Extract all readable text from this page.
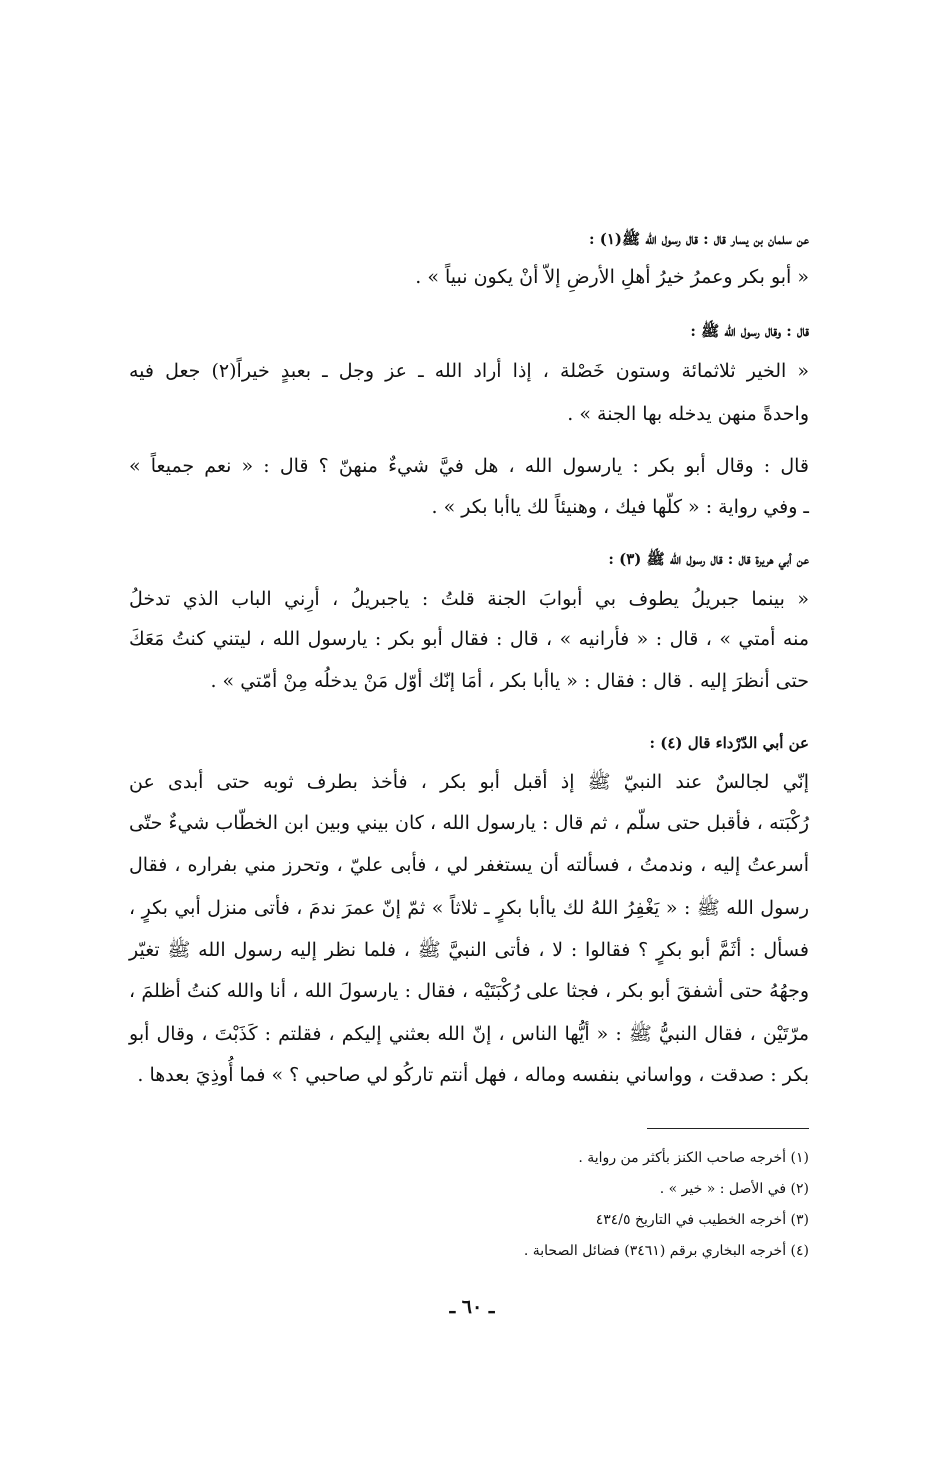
عن سلمان بن يسار قال : قال رسول الله ﷺ(١) :
« أبو بكر وعمرُ خيرُ أهلِ الأرضِ إلاّ أنْ يكون نبياً » .
قال : وقال رسول الله ﷺ :
« الخير ثلاثمائة وستون خَصْلة ، إذا أراد الله ـ عز وجل ـ بعبدٍ خيراً(٢) جعل فيه
واحدةً منهن يدخله بها الجنة » .
قال : وقال أبو بكر : يارسول الله ، هل فيَّ شيءٌ منهنّ ؟ قال : « نعم جميعاً »
ـ وفي رواية : « كلّها فيك ، وهنيئاً لك ياأبا بكر » .
عن أبي هريرة قال : قال رسول الله ﷺ (٣) :
« بينما جبريلُ يطوف بي أبوابَ الجنة قلتُ : ياجبريلُ ، أرِني الباب الذي تدخلُ
منه أمتي » ، قال : « فأرانيه » ، قال : فقال أبو بكر : يارسول الله ، ليتني كنتُ مَعَكَ
حتى أنظرَ إليه . قال : فقال : « ياأبا بكر ، أمَا إنّك أوّل مَنْ يدخلُه مِنْ أمّتي » .
عن أبي الدّرْداء قال (٤) :
إنّي لجالسٌ عند النبيّ ﷺ إذ أقبل أبو بكر ، فأخذ بطرف ثوبه حتى أبدى عن
رُكْبَته ، فأقبل حتى سلّم ، ثم قال : يارسول الله ، كان بيني وبين ابن الخطّاب شيءٌ حتّى
أسرعتُ إليه ، وندمتُ ، فسألته أن يستغفر لي ، فأبى عليّ ، وتحرز مني بفراره ، فقال
رسول الله ﷺ : « يَغْفِرُ اللهُ لك ياأبا بكرٍ ـ ثلاثاً » ثمّ إنّ عمرَ ندمَ ، فأتى منزل أبي بكرٍ ،
فسأل : أثَمَّ أبو بكرٍ ؟ فقالوا : لا ، فأتى النبيَّ ﷺ ، فلما نظر إليه رسول الله ﷺ تغيّر
وجهُهُ حتى أشفقَ أبو بكر ، فجثا على رُكْبَتَيْه ، فقال : يارسولَ الله ، أنا والله كنتُ أظلمَ ،
مرّتَيْن ، فقال النبيُّ ﷺ : « أيُّها الناس ، إنّ الله بعثني إليكم ، فقلتم : كَذَبْتَ ، وقال أبو
بكر : صدقت ، وواساني بنفسه وماله ، فهل أنتم تاركُو لي صاحبي ؟ » فما أُوذِيَ بعدها .
(١) أخرجه صاحب الكنز بأكثر من رواية .
(٢) في الأصل : « خير » .
(٣) أخرجه الخطيب في التاريخ ٤٣٤/٥
(٤) أخرجه البخاري برقم (٣٤٦١) فضائل الصحابة .
ـ ٦٠ ـ
